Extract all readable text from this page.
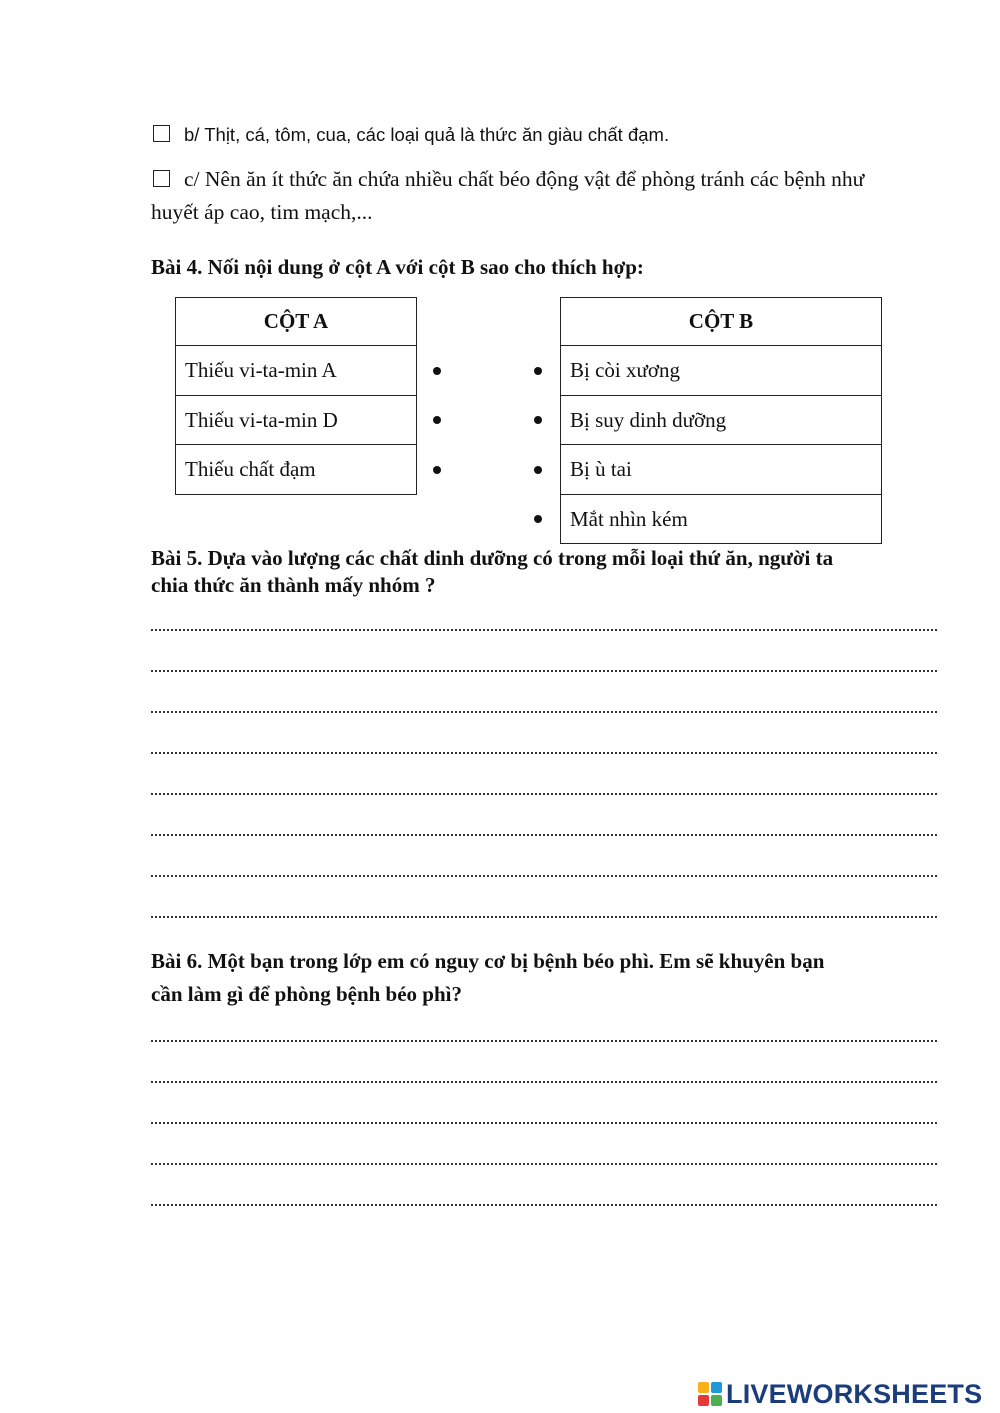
b/ Thịt, cá, tôm, cua, các loại quả là thức ăn giàu chất đạm.
c/ Nên ăn ít thức ăn chứa nhiều chất béo động vật để phòng tránh các bệnh như
huyết áp cao, tim mạch,...
Bài 4. Nối nội dung ở cột A với cột B sao cho thích hợp:
CỘT A
Thiếu vi-ta-min A
Thiếu vi-ta-min D
Thiếu chất đạm
CỘT B
Bị còi xương
Bị suy dinh dưỡng
Bị ù tai
Mắt nhìn kém
Bài 5. Dựa vào lượng các chất dinh dưỡng có trong mỗi loại thứ ăn, người ta
chia thức ăn thành mấy nhóm ?
Bài 6. Một bạn trong lớp em có nguy cơ bị bệnh béo phì. Em sẽ khuyên bạn
cần làm gì để phòng bệnh béo phì?
LIVEWORKSHEETS
